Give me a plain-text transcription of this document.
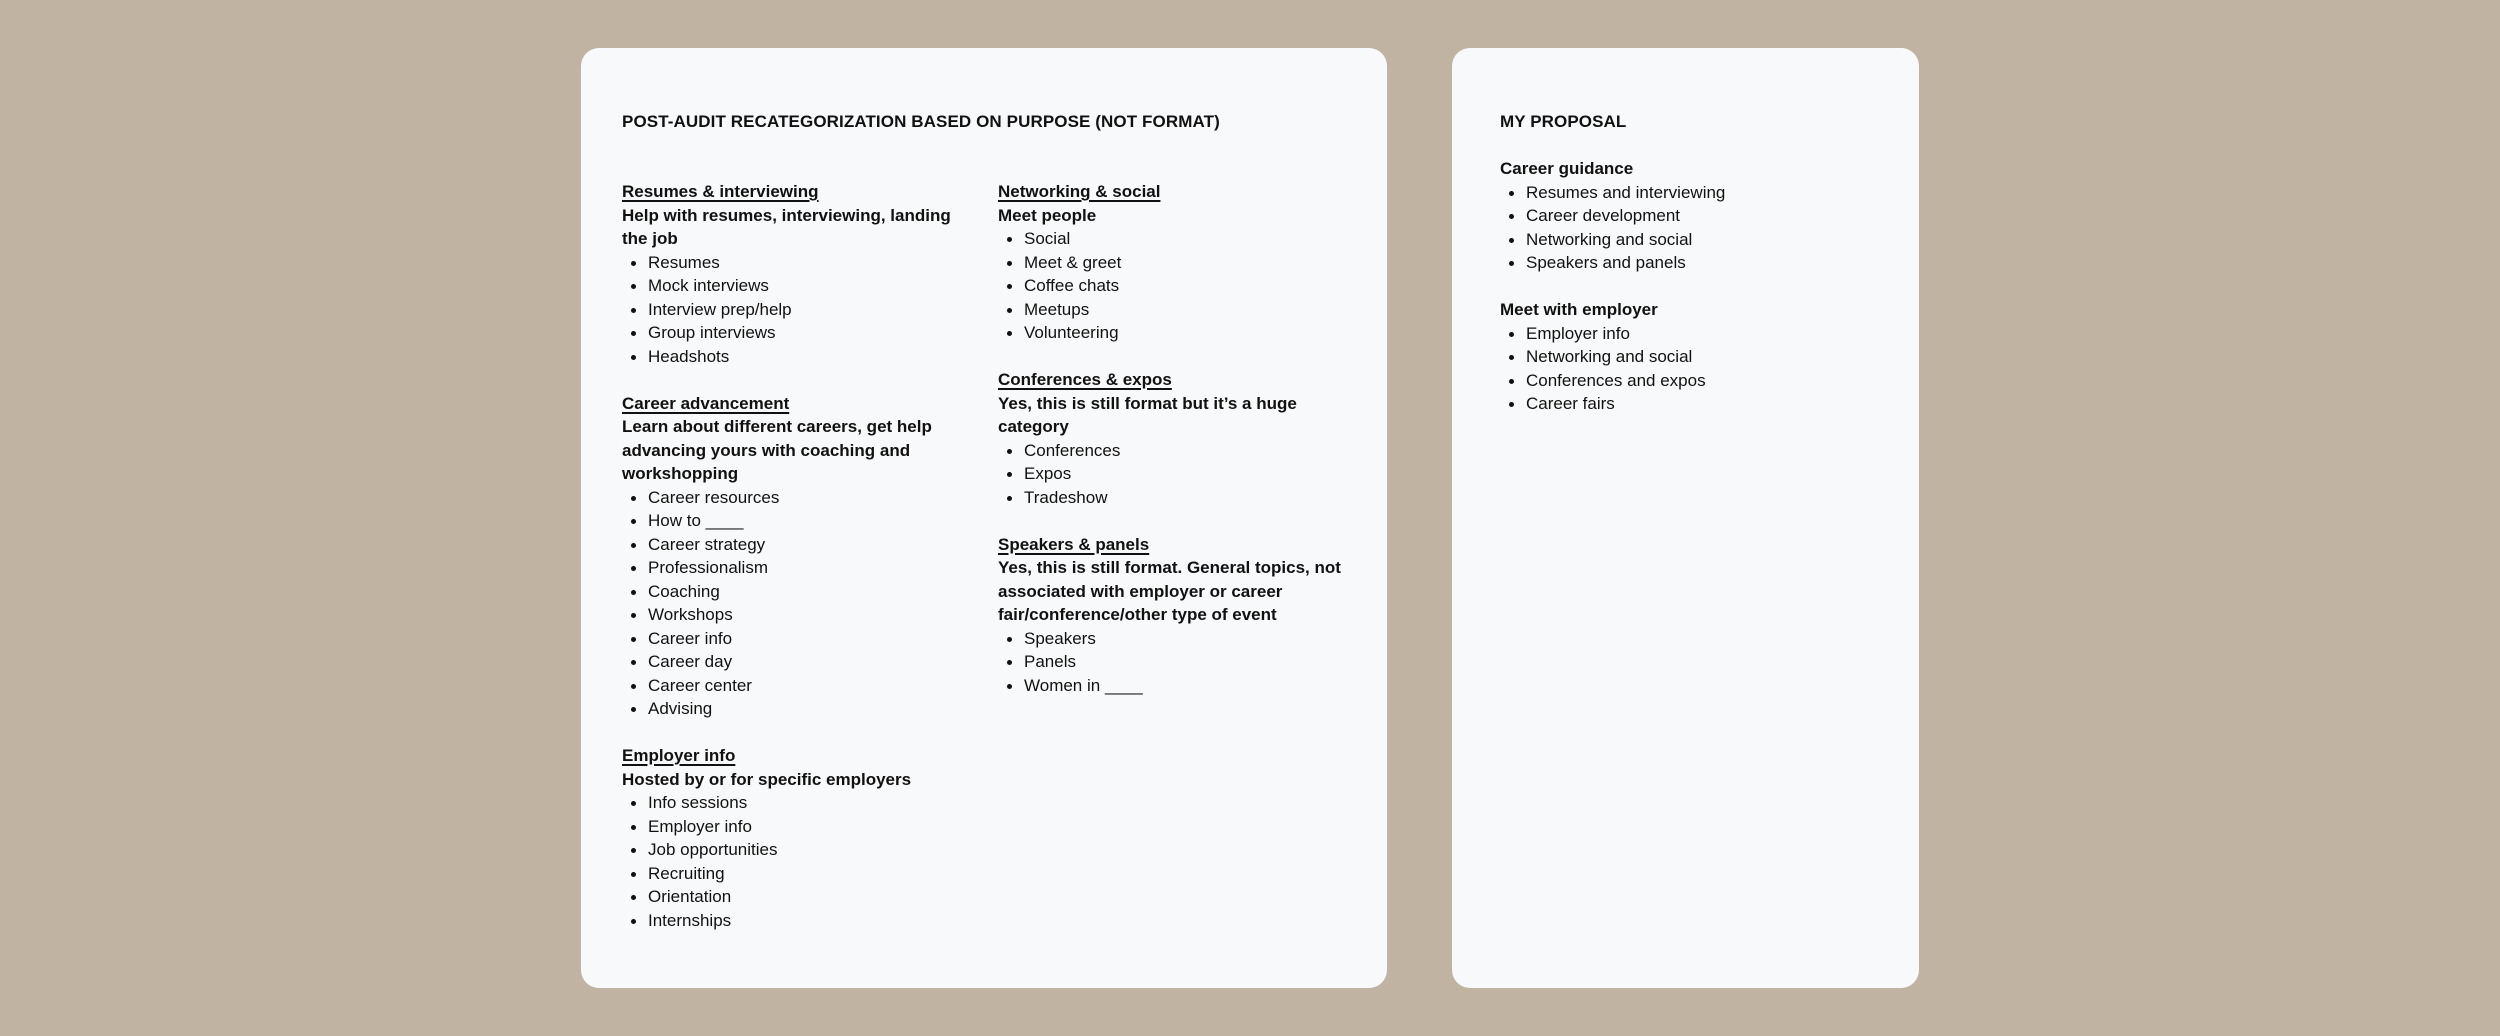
POST-AUDIT RECATEGORIZATION BASED ON PURPOSE (NOT FORMAT)
Resumes & interviewing
Help with resumes, interviewing, landing the job
Resumes
Mock interviews
Interview prep/help
Group interviews
Headshots
Career advancement
Learn about different careers, get help advancing yours with coaching and workshopping
Career resources
How to ____
Career strategy
Professionalism
Coaching
Workshops
Career info
Career day
Career center
Advising
Employer info
Hosted by or for specific employers
Info sessions
Employer info
Job opportunities
Recruiting
Orientation
Internships
Networking & social
Meet people
Social
Meet & greet
Coffee chats
Meetups
Volunteering
Conferences & expos
Yes, this is still format but it’s a huge category
Conferences
Expos
Tradeshow
Speakers & panels
Yes, this is still format. General topics, not associated with employer or career fair/conference/other type of event
Speakers
Panels
Women in ____
MY PROPOSAL
Career guidance
Resumes and interviewing
Career development
Networking and social
Speakers and panels
Meet with employer
Employer info
Networking and social
Conferences and expos
Career fairs
